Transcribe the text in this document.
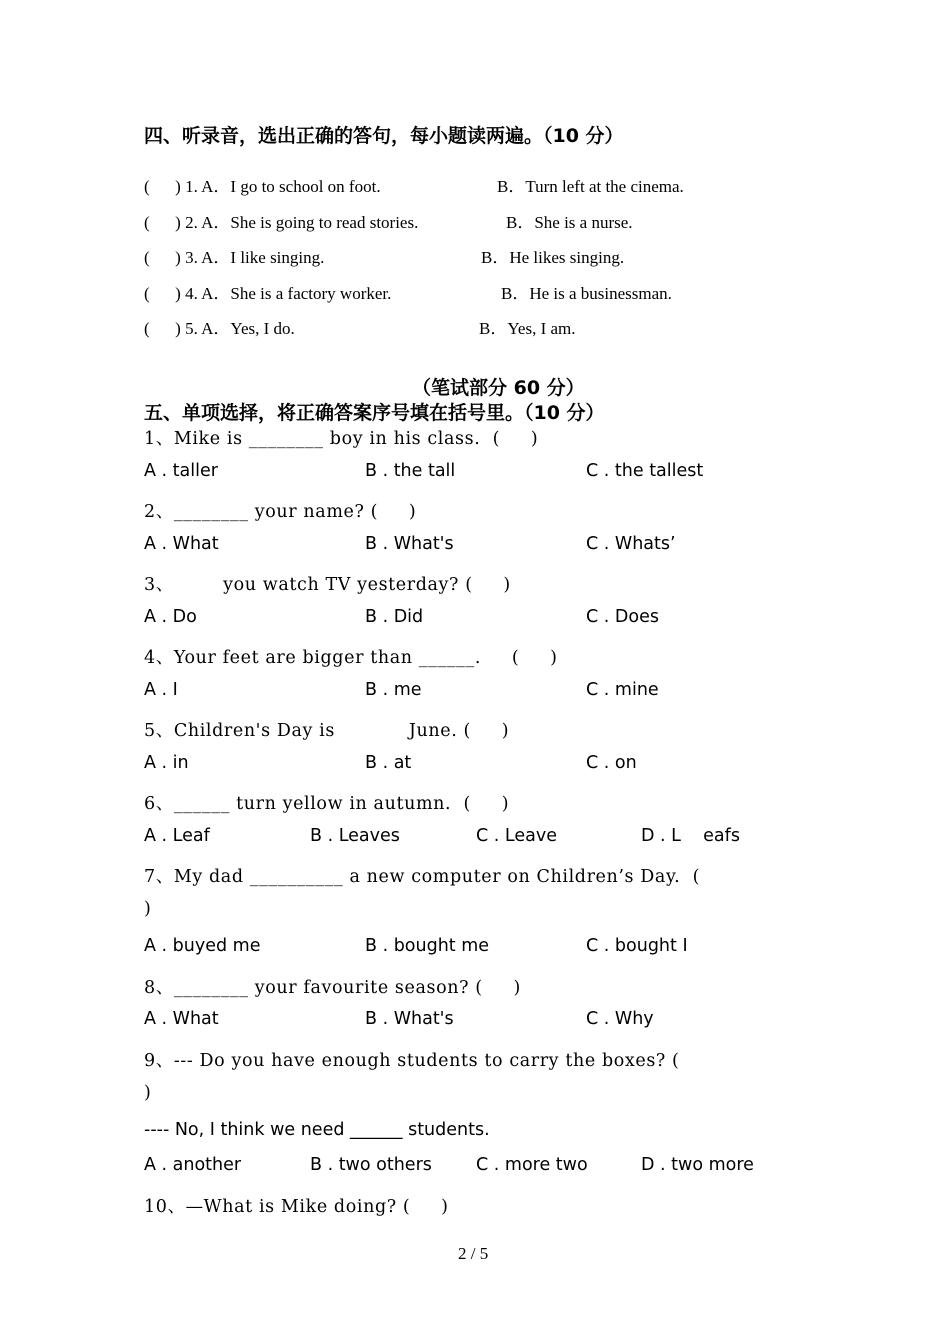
四、听录音，选出正确的答句，每小题读两遍。（10 分）
(      ) 1. A．I go to school on foot.	B．Turn left at the cinema.
(      ) 2. A．She is going to read stories.	B．She is a nurse.
(      ) 3. A．I like singing.	B．He likes singing.
(      ) 4. A．She is a factory worker.	B．He is a businessman.
(      ) 5. A．Yes, I do.	B．Yes, I am.
（笔试部分 60 分）
五、单项选择，将正确答案序号填在括号里。（10 分）
1、Mike is ________ boy in his class.  (     )
A . taller	B . the tall	C . the tallest
2、________ your name? (     )
A . What	B . What's	C . Whats’
3、        you watch TV yesterday? (     )
A . Do	B . Did	C . Does
4、Your feet are bigger than ______.     (     )
A . I	B . me	C . mine
5、Children's Day is            June. (     )
A . in	B . at	C . on
6、______ turn yellow in autumn.  (     )
A . Leaf	B . Leaves	C . Leave	D . L    eafs
7、My dad __________ a new computer on Children’s Day.  (
)
A . buyed me	B . bought me	C . bought I
8、________ your favourite season? (     )
A . What	B . What's	C . Why
9、--- Do you have enough students to carry the boxes? (
)
---- No, I think we need ______ students.
A . another	B . two others	C . more two	D . two more
10、—What is Mike doing? (     )
2 / 5
